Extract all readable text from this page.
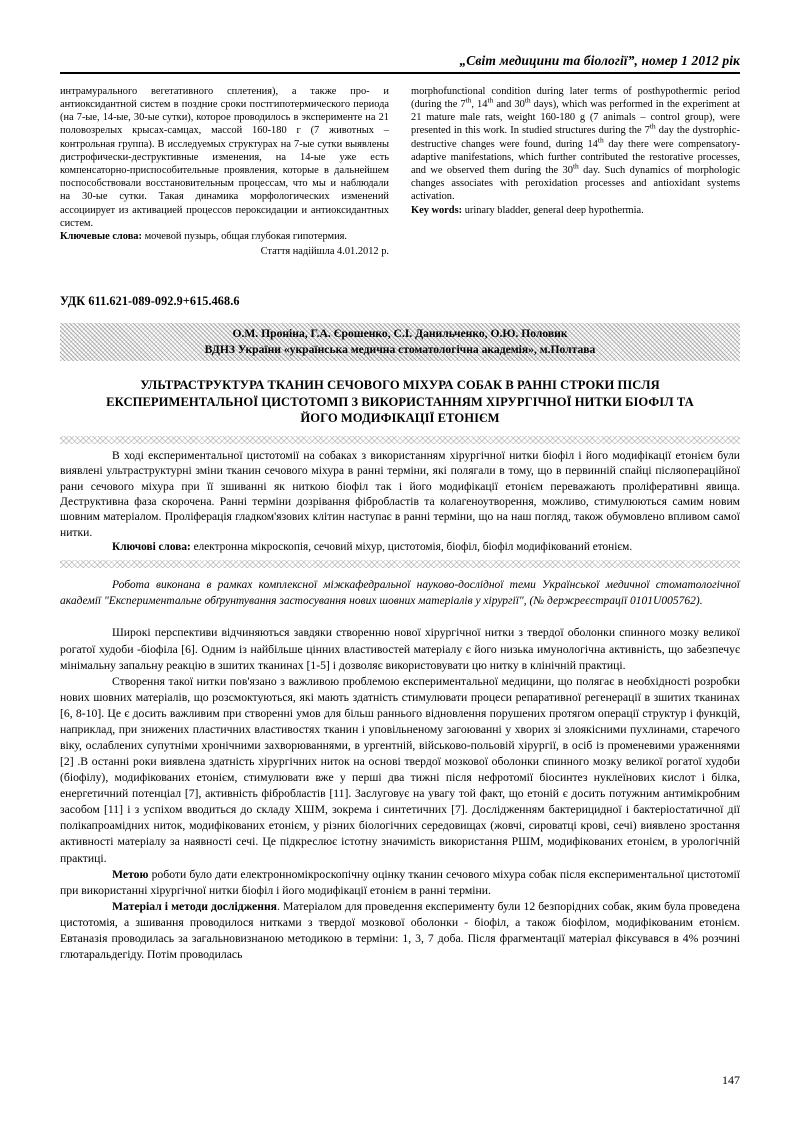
„Світ медицини та біології”, номер 1 2012 рік

интрамурального вегетативного сплетения), а также про- и антиоксидантной систем в поздние сроки постгипотермического периода (на 7-ые, 14-ые, 30-ые сутки), которое проводилось в эксперименте на 21 половозрелых крысах-самцах, массой 160-180 г (7 животных – контрольная группа). В исследуемых структурах на 7-ые сутки выявлены дистрофически-деструктивные изменения, на 14-ые уже есть компенсаторно-приспособительные проявления, которые в дальнейшем поспособствовали восстановительным процессам, что мы и наблюдали на 30-ые сутки. Такая динамика морфологических изменений ассоциирует из активацией процессов пероксидации и антиоксидантных систем.

Ключевые слова: мочевой пузырь, общая глубокая гипотермия.

Стаття надійшла 4.01.2012 р.

morphofunctional condition during later terms of posthypothermic period (during the 7th, 14th and 30th days), which was performed in the experiment at 21 mature male rats, weight 160-180 g (7 animals – control group), were presented in this work. In studied structures during the 7th day the dystrophic-destructive changes were found, during 14th day there were compensatory-adaptive manifestations, which further contributed the restorative processes, and we observed them during the 30th day. Such dynamics of morphologic changes associates with peroxidation processes and antioxidant systems activation.

Key words: urinary bladder, general deep hypothermia.

УДК 611.621-089-092.9+615.468.6
О.М. Проніна, Г.А. Єрошенко, С.І. Данильченко, О.Ю. Половик
ВДНЗ України «українська медична стоматологічна академія», м.Полтава
УЛЬТРАСТРУКТУРА ТКАНИН СЕЧОВОГО МІХУРА СОБАК В РАННІ СТРОКИ ПІСЛЯ
ЕКСПЕРИМЕНТАЛЬНОЇ ЦИСТОТОМП З ВИКОРИСТАННЯМ ХІРУРГІЧНОЇ НИТКИ БІОФІЛ ТА
ЙОГО МОДИФІКАЦІЇ ЕТОНІЄМ

В ході експериментальної цистотомії на собаках з використанням хірургічної нитки біофіл і його модифікації етонієм були виявлені ультраструктурні зміни тканин сечового міхура в ранні терміни, які полягали в тому, що в первинній спайці післяопераційної рани сечового міхура при її зшиванні як ниткою біофіл так і його модифікації етонієм переважають проліферативні явища. Деструктивна фаза скорочена. Ранні терміни дозрівання фібробластів та колагеноутворення, можливо, стимулюються самим новим шовним матеріалом. Проліферація гладком'язових клітин наступає в ранні терміни, що на наш погляд, також обумовлено впливом самої нитки.

Ключові слова: електронна мікроскопія, сечовий міхур, цистотомія, біофіл, біофіл модифікований етонієм.

Робота виконана в рамках комплексної міжкафедральної науково-дослідної теми Української медичної стоматологічної академії "Експериментальне обґрунтування застосування нових шовних матеріалів у хірургії", (№ держреєстрації 0101U005762).

Широкі перспективи відчиняються завдяки створенню нової хірургічної нитки з твердої оболонки спинного мозку великої рогатої худоби -біофіла [6]. Одним із найбільше цінних властивостей матеріалу є його низька имунологічна активність, що забезпечує мінімальну запальну реакцію в зшитих тканинах [1-5] і дозволяє використовувати цю нитку в клінічній практиці.

Створення такої нитки пов'язано з важливою проблемою експериментальної медицини, що полягає в необхідності розробки нових шовних матеріалів, що розсмоктуються, які мають здатність стимулювати процеси репаративної регенерації в зшитих тканинах [6, 8-10]. Це є досить важливим при створенні умов для більш раннього відновлення порушених протягом операції структур і функцій, наприклад, при знижених пластичних властивостях тканин і уповільненому загоюванні у хворих зі злоякісними пухлинами, старечого віку, ослаблених супутніми хронічними захворюваннями, в ургентній, військово-польовій хірургії, в осіб із променевими ураженнями [2] .В останні роки виявлена здатність хірургічних ниток на основі твердої мозкової оболонки спинного мозку великої рогатої худоби (біофілу), модифікованих етонієм, стимулювати вже у перші два тижні після нефротомії біосинтез нуклеїнових кислот і білка, енергетичний потенціал [7], активність фібробластів [11]. Заслуговує на увагу той факт, що етоній є досить потужним антимікробним засобом [11] і з успіхом вводиться до складу ХШМ, зокрема і синтетичних [7]. Дослідженням бактерицидної і бактеріостатичної дії полікапроамідних ниток, модифікованих етонієм, у різних біологічних середовищах (жовчі, сироватці крові, сечі) виявлено зростання активності матеріалу за наявності сечі. Це підкреслює істотну значимість використання РШМ, модифікованих етонієм, в урологічній практиці.

Метою роботи було дати електронномікроскопічну оцінку тканин сечового міхура собак після експериментальної цистотомії при використанні хірургічної нитки біофіл і його модифікації етонієм в ранні терміни.

Матеріал і методи дослідження. Матеріалом для проведення експерименту були 12 безпорідних собак, яким була проведена цистотомія, а зшивання проводилося нитками з твердої мозкової оболонки - біофіл, а також біофілом, модифікованим етонієм. Евтаназія проводилась за загальновизнаною методикою в терміни: 1, 3, 7 доба. Після фрагментації матеріал фіксувався в 4% розчині глютаральдегіду. Потім проводилась

147
